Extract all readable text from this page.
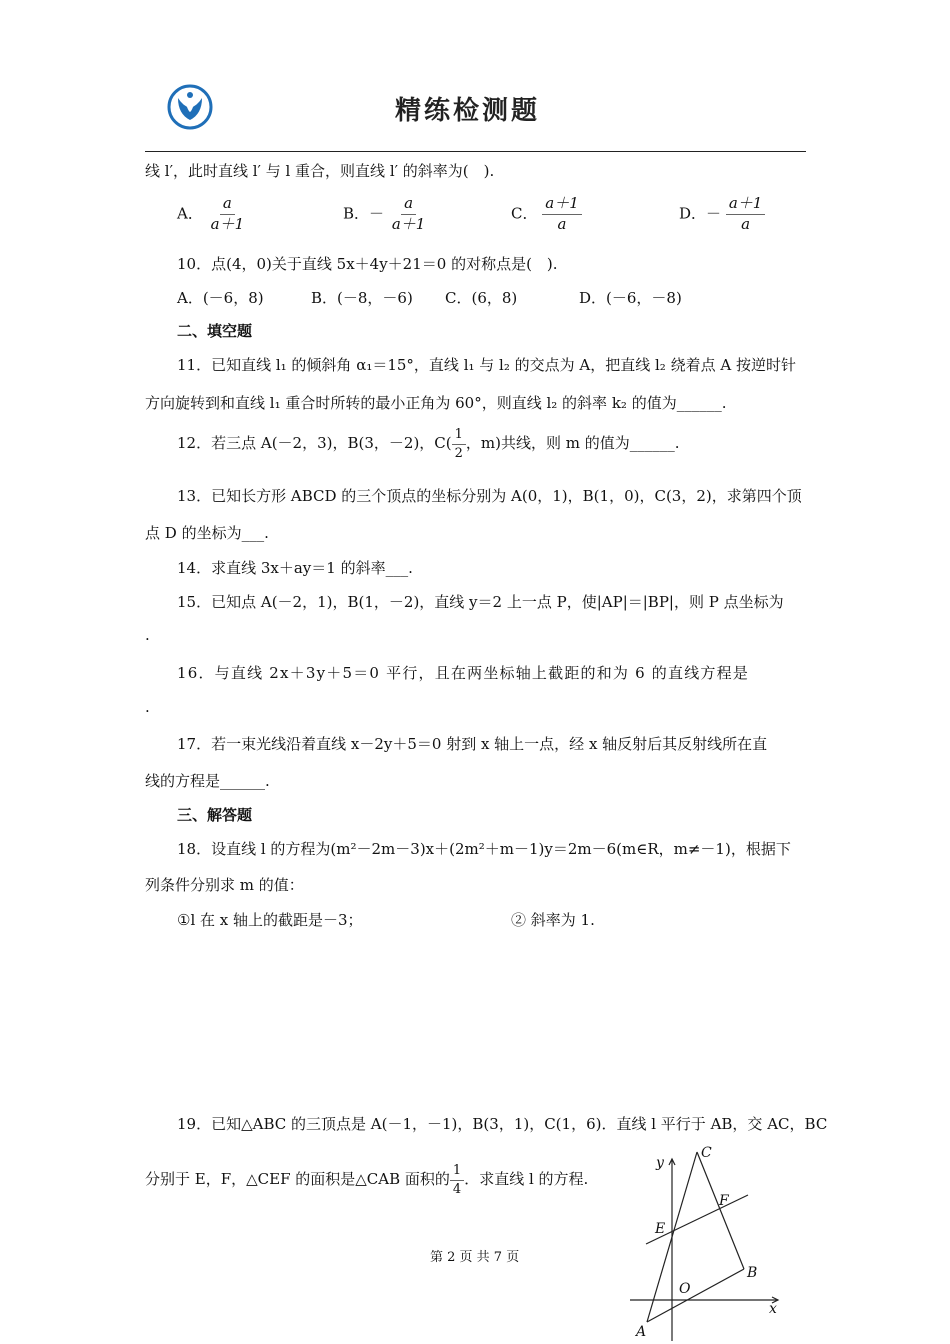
精练检测题
线 l′，此时直线 l′ 与 l 重合，则直线 l′ 的斜率为(　).
A． $\frac{a}{a+1}$	B．－ $\frac{a}{a+1}$	C． $\frac{a+1}{a}$	D．－ $\frac{a+1}{a}$
10．点(4，0)关于直线 5x＋4y＋21＝0 的对称点是(　).
A．(－6，8)	B．(－8，－6) C．(6，8)	D．(－6，－8)
二、填空题
11．已知直线 l₁ 的倾斜角 α₁＝15°，直线 l₁ 与 l₂ 的交点为 A，把直线 l₂ 绕着点 A 按逆时针
方向旋转到和直线 l₁ 重合时所转的最小正角为 60°，则直线 l₂ 的斜率 k₂ 的值为______.
12．若三点 A(－2，3)，B(3，－2)，$C( \frac{1}{2}$ ，m)共线，则 m 的值为______.
13．已知长方形 ABCD 的三个顶点的坐标分别为 A(0，1)，B(1，0)，C(3，2)，求第四个顶
点 D 的坐标为___.
14．求直线 3x＋ay＝1 的斜率___.
15．已知点 A(－2，1)，B(1，－2)，直线 y＝2 上一点 P，使|AP|＝|BP|，则 P 点坐标为
.
16．与直线 2x＋3y＋5＝0 平行，且在两坐标轴上截距的和为 6 的直线方程是
.
17．若一束光线沿着直线 x－2y＋5＝0 射到 x 轴上一点，经 x 轴反射后其反射线所在直
线的方程是______.
三、解答题
18．设直线 l 的方程为(m²－2m－3)x＋(2m²＋m－1)y＝2m－6(m∈R，m≠－1)，根据下
列条件分别求 m 的值：
①l 在 x 轴上的截距是－3；	② 斜率为 1.
19．已知△ABC 的三顶点是 A(－1，－1)，B(3，1)，C(1，6)．直线 l 平行于 AB，交 AC，BC
分别于 E，F，△CEF 的面积是△CAB 面积的 $\frac{1}{4}$ ．求直线 l 的方程.
第 2 页 共 7 页
y
C
F
E
O
B
x
A
